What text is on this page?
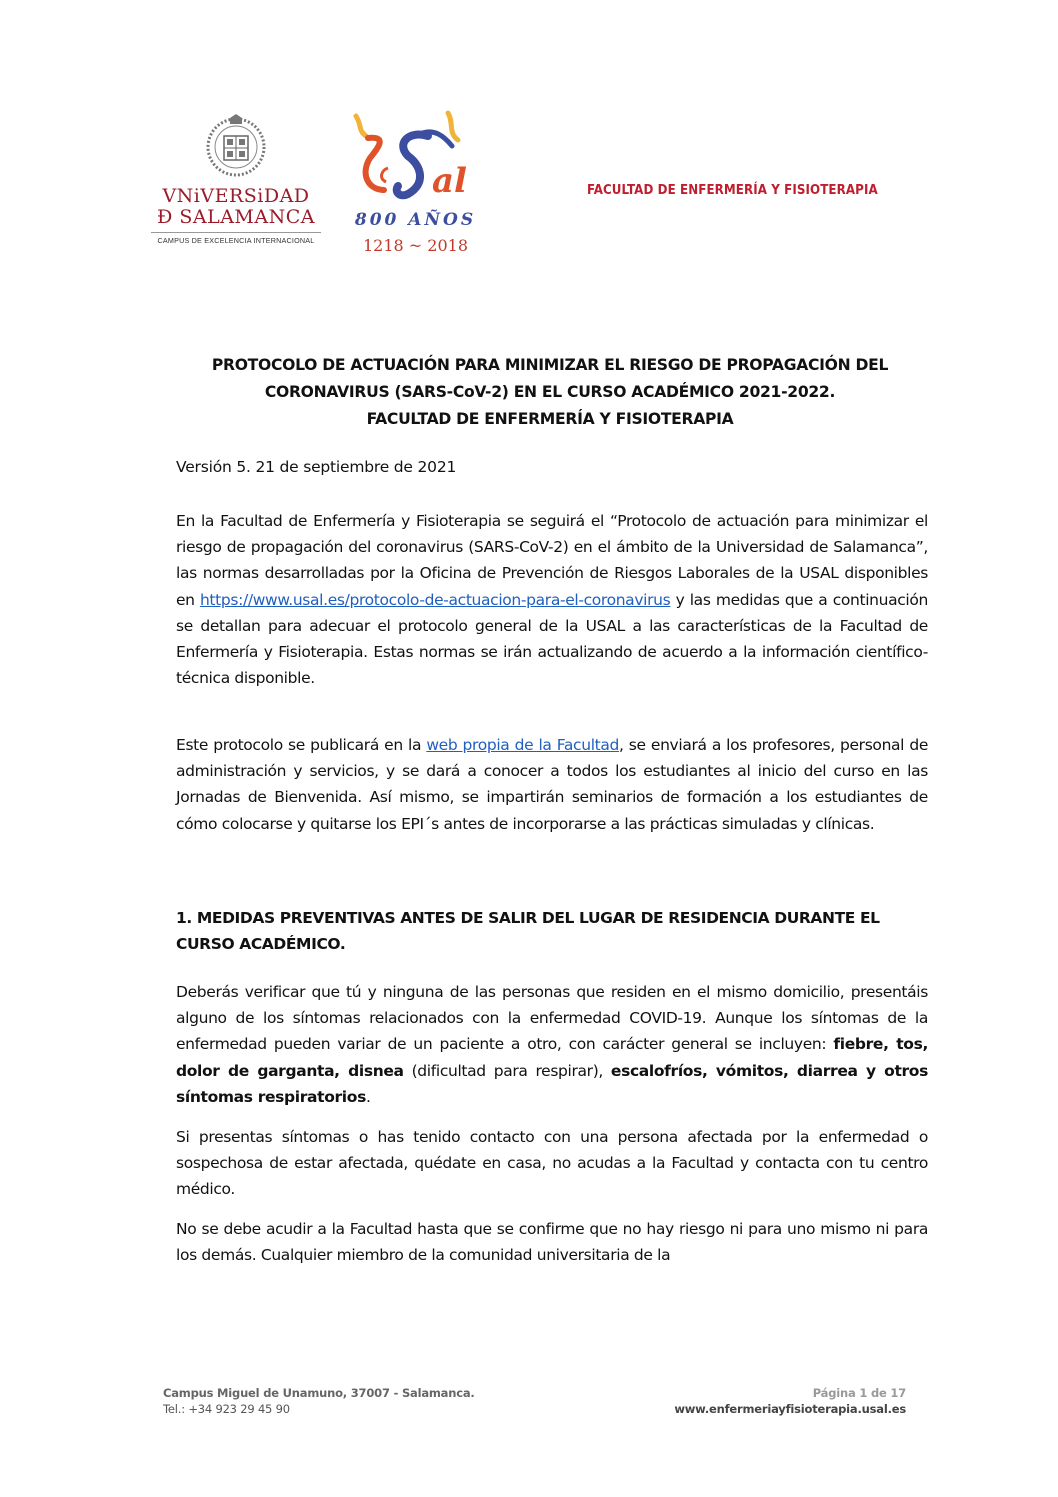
VNiVERSiDAD
Ð SALAMANCA
CAMPUS DE EXCELENCIA INTERNACIONAL
al
800 AÑOS
1218 ~ 2018
FACULTAD DE ENFERMERÍA Y FISIOTERAPIA
PROTOCOLO DE ACTUACIÓN PARA MINIMIZAR EL RIESGO DE PROPAGACIÓN DEL
CORONAVIRUS (SARS-CoV-2) EN EL CURSO ACADÉMICO 2021-2022.
FACULTAD DE ENFERMERÍA Y FISIOTERAPIA
Versión 5. 21 de septiembre de 2021
En la Facultad de Enfermería y Fisioterapia se seguirá el “Protocolo de actuación para minimizar el riesgo de propagación del coronavirus (SARS-CoV-2) en el ámbito de la Universidad de Salamanca”, las normas desarrolladas por la Oficina de Prevención de Riesgos Laborales de la USAL disponibles en https://www.usal.es/protocolo-de-actuacion-para-el-coronavirus y las medidas que a continuación se detallan para adecuar el protocolo general de la USAL a las características de la Facultad de Enfermería y Fisioterapia. Estas normas se irán actualizando de acuerdo a la información científico-técnica disponible.
Este protocolo se publicará en la web propia de la Facultad, se enviará a los profesores, personal de administración y servicios, y se dará a conocer a todos los estudiantes al inicio del curso en las Jornadas de Bienvenida. Así mismo, se impartirán seminarios de formación a los estudiantes de cómo colocarse y quitarse los EPI´s antes de incorporarse a las prácticas simuladas y clínicas.
1. MEDIDAS PREVENTIVAS ANTES DE SALIR DEL LUGAR DE RESIDENCIA DURANTE EL CURSO ACADÉMICO.
Deberás verificar que tú y ninguna de las personas que residen en el mismo domicilio, presentáis alguno de los síntomas relacionados con la enfermedad COVID-19. Aunque los síntomas de la enfermedad pueden variar de un paciente a otro, con carácter general se incluyen: fiebre, tos, dolor de garganta, disnea (dificultad para respirar), escalofríos, vómitos, diarrea y otros síntomas respiratorios.
Si presentas síntomas o has tenido contacto con una persona afectada por la enfermedad o sospechosa de estar afectada, quédate en casa, no acudas a la Facultad y contacta con tu centro médico.
No se debe acudir a la Facultad hasta que se confirme que no hay riesgo ni para uno mismo ni para los demás. Cualquier miembro de la comunidad universitaria de la
Campus Miguel de Unamuno, 37007 - Salamanca.
Tel.: +34 923 29 45 90
Página 1 de 17
www.enfermeriayfisioterapia.usal.es
